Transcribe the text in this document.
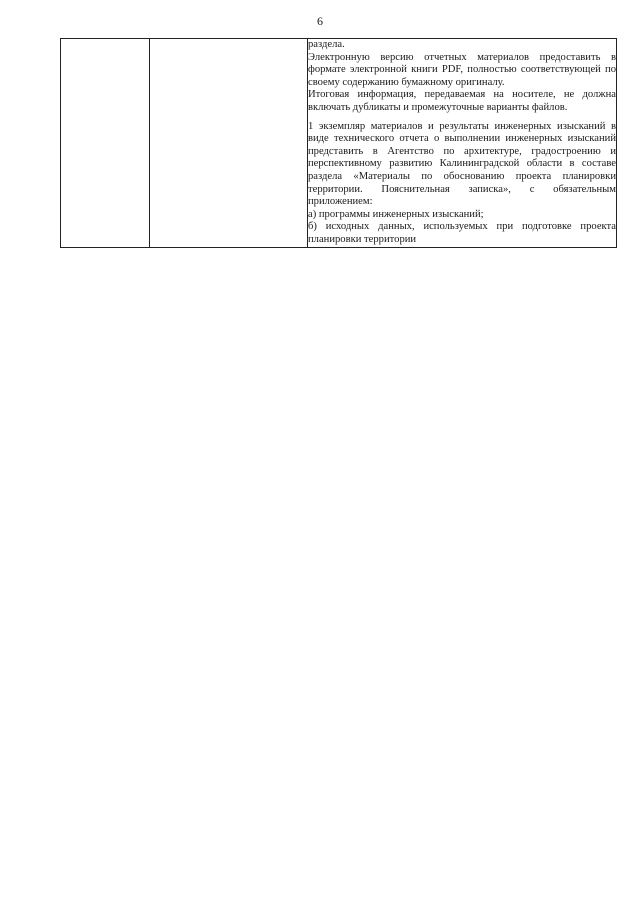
6

раздела.

Электронную версию отчетных материалов предоставить в формате электронной книги PDF, полностью соответствующей по своему содержанию бумажному оригиналу.

Итоговая информация, передаваемая на носителе, не должна включать дубликаты и промежуточные варианты файлов.

1 экземпляр материалов и результаты инженерных изысканий в виде технического отчета о выполнении инженерных изысканий представить в Агентство по архитектуре, градостроению и перспективному развитию Калининградской области в составе раздела «Материалы по обоснованию проекта планировки территории. Пояснительная записка», с обязательным приложением:

а) программы инженерных изысканий;

б) исходных данных, используемых при подготовке проекта планировки территории
